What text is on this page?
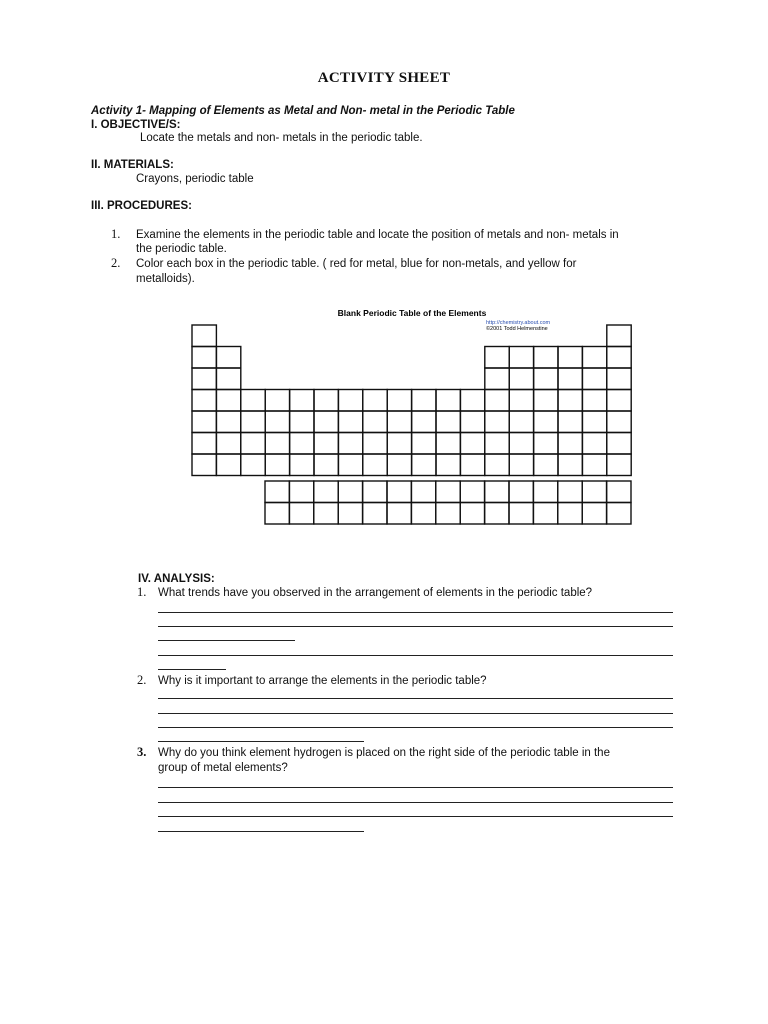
ACTIVITY SHEET
Activity 1- Mapping of Elements as Metal and Non- metal in the Periodic Table
I. OBJECTIVE/S:
Locate the metals and non- metals in the periodic table.
II. MATERIALS:
Crayons, periodic table
III. PROCEDURES:
1. Examine the elements in the periodic table and locate the position of metals and non- metals in
the periodic table.
2. Color each box in the periodic table. ( red for metal, blue for non-metals, and yellow for
metalloids).
Blank Periodic Table of the Elements
http://chemistry.about.com
©2001 Todd Helmenstine
IV. ANALYSIS:
1. What trends have you observed in the arrangement of elements in the periodic table?
2. Why is it important to arrange the elements in the periodic table?
3. Why do you think element hydrogen is placed on the right side of the periodic table in the
group of metal elements?
